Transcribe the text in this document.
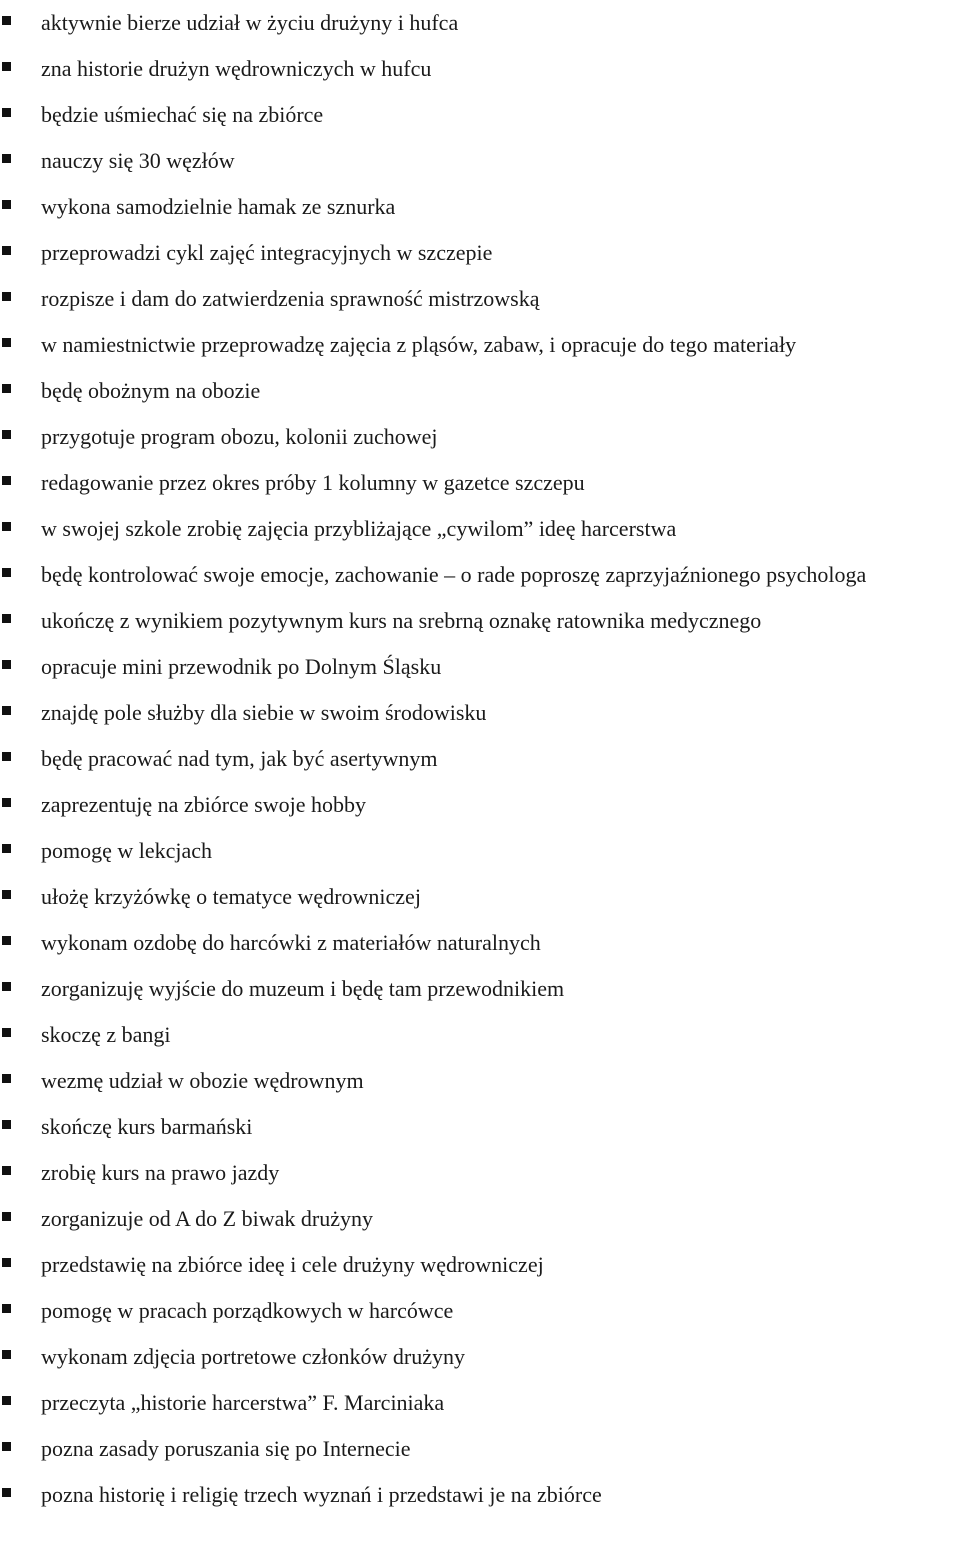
aktywnie bierze udział w życiu drużyny i hufca
zna historie drużyn wędrowniczych w hufcu
będzie uśmiechać się na zbiórce
nauczy się 30 węzłów
wykona samodzielnie hamak ze sznurka
przeprowadzi cykl zajęć integracyjnych w szczepie
rozpisze i dam do zatwierdzenia sprawność mistrzowską
w namiestnictwie przeprowadzę zajęcia z pląsów, zabaw, i opracuje do tego materiały
będę obożnym na obozie
przygotuje program obozu, kolonii zuchowej
redagowanie przez okres próby 1 kolumny w gazetce szczepu
w swojej szkole zrobię zajęcia przybliżające „cywilom” ideę harcerstwa
będę kontrolować swoje emocje, zachowanie – o rade poproszę zaprzyjaźnionego psychologa
ukończę z wynikiem pozytywnym kurs na srebrną oznakę ratownika medycznego
opracuje mini przewodnik po Dolnym Śląsku
znajdę pole służby dla siebie w swoim środowisku
będę pracować nad tym, jak być asertywnym
zaprezentuję na zbiórce swoje hobby
pomogę w lekcjach
ułożę krzyżówkę o tematyce wędrowniczej
wykonam ozdobę do harcówki z materiałów naturalnych
zorganizuję wyjście do muzeum i będę tam przewodnikiem
skoczę z bangi
wezmę udział w obozie wędrownym
skończę kurs barmański
zrobię kurs na prawo jazdy
zorganizuje od A do Z biwak drużyny
przedstawię na zbiórce ideę i cele drużyny wędrowniczej
pomogę w pracach porządkowych w harcówce
wykonam zdjęcia portretowe członków drużyny
przeczyta „historie harcerstwa” F. Marciniaka
pozna zasady poruszania się po Internecie
pozna historię i religię trzech wyznań i przedstawi je na zbiórce
